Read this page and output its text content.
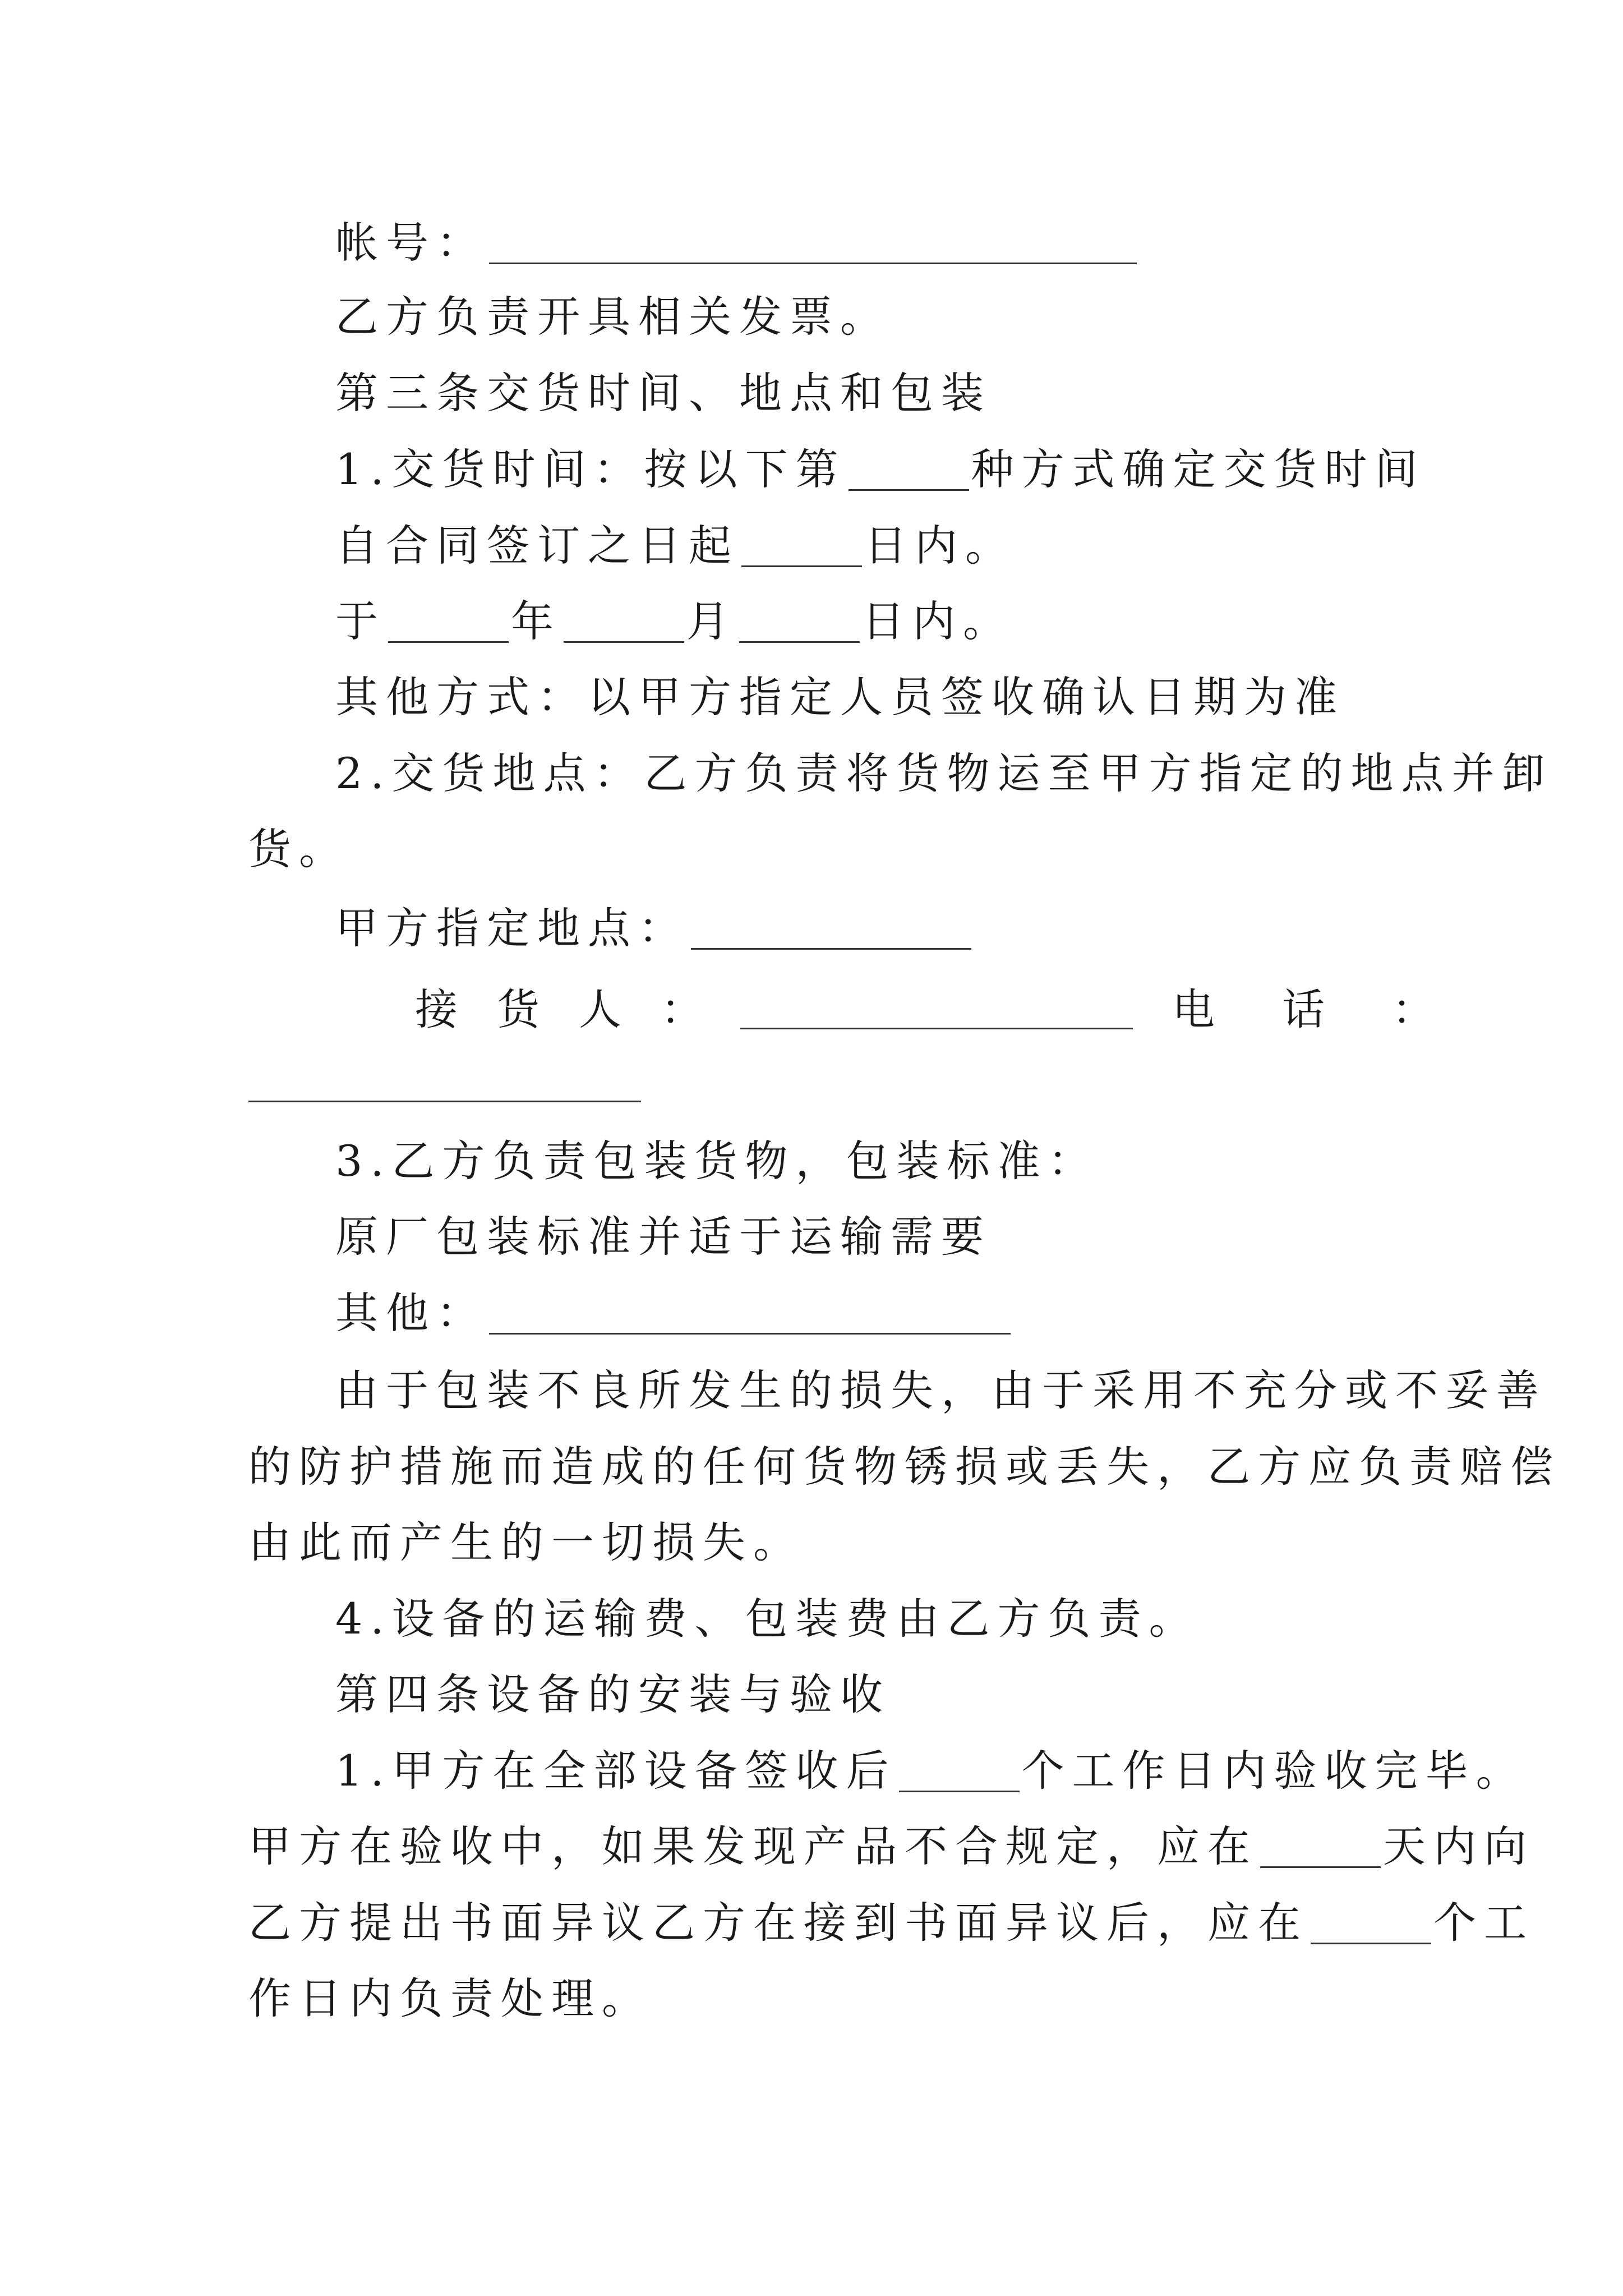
帐号：
乙方负责开具相关发票。
第三条交货时间、地点和包装
1.交货时间：按以下第	种方式确定交货时间
自合同签订之日起	日内。
于	年	月	日内。
其他方式：以甲方指定人员签收确认日期为准
2.交货地点：乙方负责将货物运至甲方指定的地点并卸
货。
甲方指定地点：
接货人：	电话：
3.乙方负责包装货物，包装标准：
原厂包装标准并适于运输需要
其他：
由于包装不良所发生的损失，由于采用不充分或不妥善
的防护措施而造成的任何货物锈损或丢失，乙方应负责赔偿
由此而产生的一切损失。
4.设备的运输费、包装费由乙方负责。
第四条设备的安装与验收
1.甲方在全部设备签收后	个工作日内验收完毕。
甲方在验收中，如果发现产品不合规定，应在	天内向
乙方提出书面异议乙方在接到书面异议后，应在	个工
作日内负责处理。
